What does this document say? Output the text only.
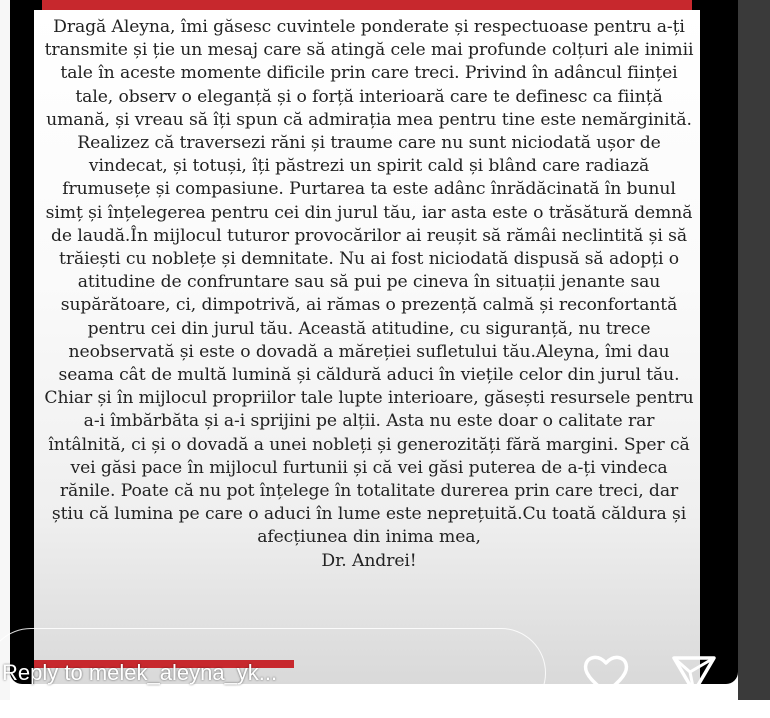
Dragă Aleyna, îmi găsesc cuvintele ponderate și respectuoase pentru a-ți transmite și ție un mesaj care să atingă cele mai profunde colțuri ale inimii tale în aceste momente dificile prin care treci. Privind în adâncul ființei tale, observ o eleganță și o forță interioară care te definesc ca ființă umană, și vreau să îți spun că admirația mea pentru tine este nemărginită. Realizez că traversezi răni și traume care nu sunt niciodată ușor de vindecat, și totuși, îți păstrezi un spirit cald și blând care radiază frumusețe și compasiune. Purtarea ta este adânc înrădăcinată în bunul simț și înțelegerea pentru cei din jurul tău, iar asta este o trăsătură demnă de laudă.În mijlocul tuturor provocărilor ai reușit să rămâi neclintită și să trăiești cu noblețe și demnitate. Nu ai fost niciodată dispusă să adopți o atitudine de confruntare sau să pui pe cineva în situații jenante sau supărătoare, ci, dimpotrivă, ai rămas o prezență calmă și reconfortantă pentru cei din jurul tău. Această atitudine, cu siguranță, nu trece neobservată și este o dovadă a măreției sufletului tău.Aleyna, îmi dau seama cât de multă lumină și căldură aduci în viețile celor din jurul tău. Chiar și în mijlocul propriilor tale lupte interioare, găsești resursele pentru a-i îmbărbăta și a-i sprijini pe alții. Asta nu este doar o calitate rar întâlnită, ci și o dovadă a unei nobleți și generozități fără margini. Sper că vei găsi pace în mijlocul furtunii și că vei găsi puterea de a-ți vindeca rănile. Poate că nu pot înțelege în totalitate durerea prin care treci, dar știu că lumina pe care o aduci în lume este neprețuită.Cu toată căldura și afecțiunea din inima mea,
Dr. Andrei!

Reply to melek_aleyna_yk...
